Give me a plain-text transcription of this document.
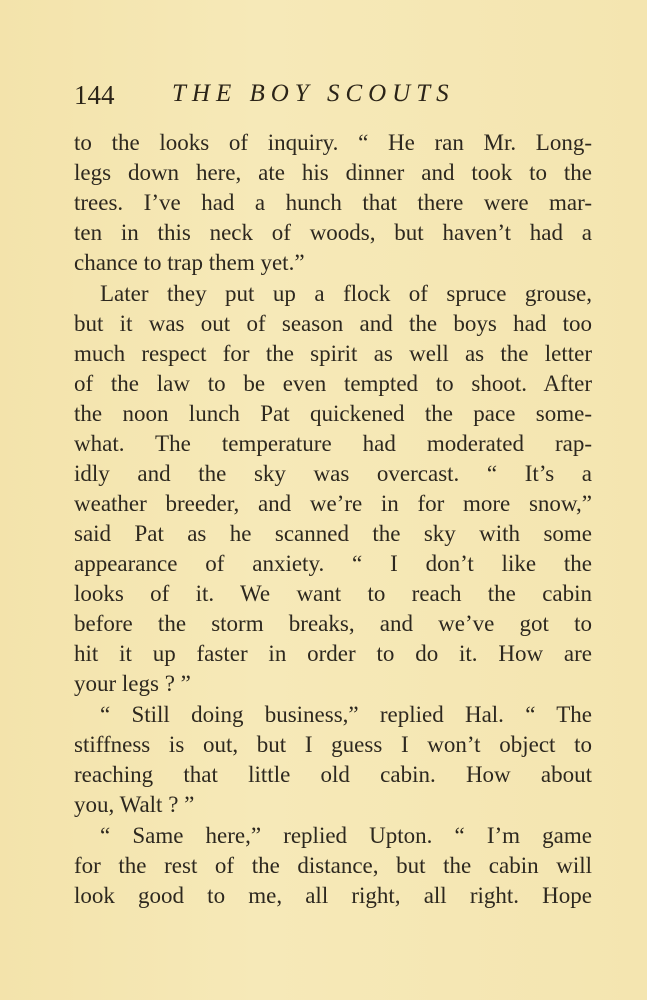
144 THE BOY SCOUTS
to the looks of inquiry. “ He ran Mr. Long-
legs down here, ate his dinner and took to the
trees. I’ve had a hunch that there were mar-
ten in this neck of woods, but haven’t had a
chance to trap them yet.”
Later they put up a flock of spruce grouse,
but it was out of season and the boys had too
much respect for the spirit as well as the letter
of the law to be even tempted to shoot. After
the noon lunch Pat quickened the pace some-
what. The temperature had moderated rap-
idly and the sky was overcast. “ It’s a
weather breeder, and we’re in for more snow,”
said Pat as he scanned the sky with some
appearance of anxiety. “ I don’t like the
looks of it. We want to reach the cabin
before the storm breaks, and we’ve got to
hit it up faster in order to do it. How are
your legs ? ”
“ Still doing business,” replied Hal. “ The
stiffness is out, but I guess I won’t object to
reaching that little old cabin. How about
you, Walt ? ”
“ Same here,” replied Upton. “ I’m game
for the rest of the distance, but the cabin will
look good to me, all right, all right. Hope
